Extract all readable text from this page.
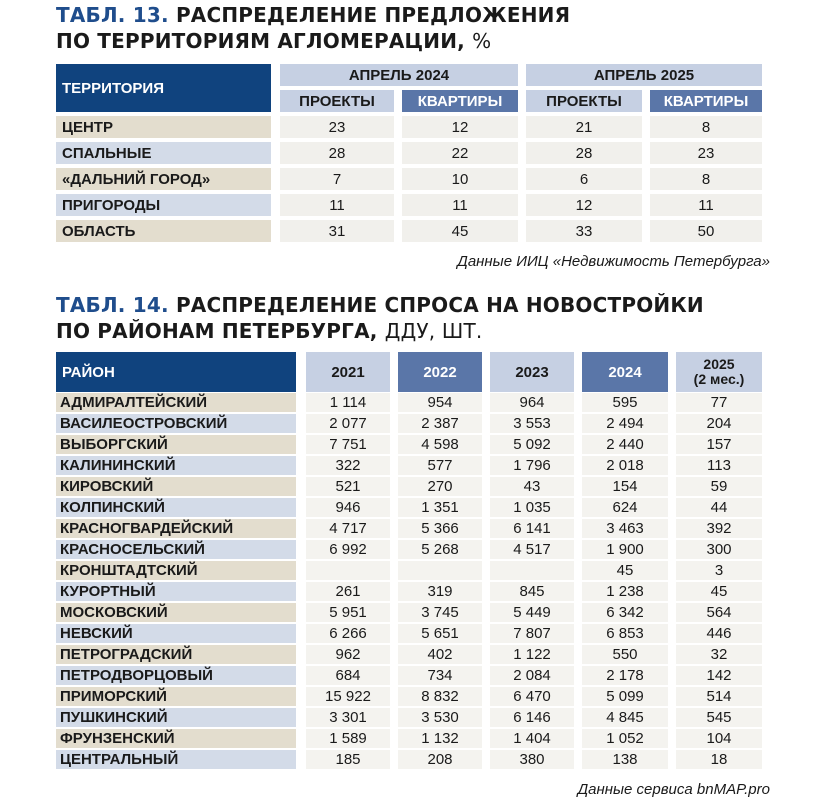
ТАБЛ. 13. РАСПРЕДЕЛЕНИЕ ПРЕДЛОЖЕНИЯ
ПО ТЕРРИТОРИЯМ АГЛОМЕРАЦИИ, %
ТЕРРИТОРИЯ	АПРЕЛЬ 2024		АПРЕЛЬ 2025	
	ПРОЕКТЫ	КВАРТИРЫ	ПРОЕКТЫ	КВАРТИРЫ
ЦЕНТР	23	12	21	8
СПАЛЬНЫЕ	28	22	28	23
«ДАЛЬНИЙ ГОРОД»	7	10	6	8
ПРИГОРОДЫ	11	11	12	11
ОБЛАСТЬ	31	45	33	50

Данные ИИЦ «Недвижимость Петербурга»

ТАБЛ. 14. РАСПРЕДЕЛЕНИЕ СПРОСА НА НОВОСТРОЙКИ
ПО РАЙОНАМ ПЕТЕРБУРГА, ДДУ, ШТ.
РАЙОН	2021	2022	2023	2024	2025
(2 мес.)
АДМИРАЛТЕЙСКИЙ	1 114	954	964	595	77
ВАСИЛЕОСТРОВСКИЙ	2 077	2 387	3 553	2 494	204
ВЫБОРГСКИЙ	7 751	4 598	5 092	2 440	157
КАЛИНИНСКИЙ	322	577	1 796	2 018	113
КИРОВСКИЙ	521	270	43	154	59
КОЛПИНСКИЙ	946	1 351	1 035	624	44
КРАСНОГВАРДЕЙСКИЙ	4 717	5 366	6 141	3 463	392
КРАСНОСЕЛЬСКИЙ	6 992	5 268	4 517	1 900	300
КРОНШТАДТСКИЙ				45	3
КУРОРТНЫЙ	261	319	845	1 238	45
МОСКОВСКИЙ	5 951	3 745	5 449	6 342	564
НЕВСКИЙ	6 266	5 651	7 807	6 853	446
ПЕТРОГРАДСКИЙ	962	402	1 122	550	32
ПЕТРОДВОРЦОВЫЙ	684	734	2 084	2 178	142
ПРИМОРСКИЙ	15 922	8 832	6 470	5 099	514
ПУШКИНСКИЙ	3 301	3 530	6 146	4 845	545
ФРУНЗЕНСКИЙ	1 589	1 132	1 404	1 052	104
ЦЕНТРАЛЬНЫЙ	185	208	380	138	18

Данные сервиса bnMAP.pro
